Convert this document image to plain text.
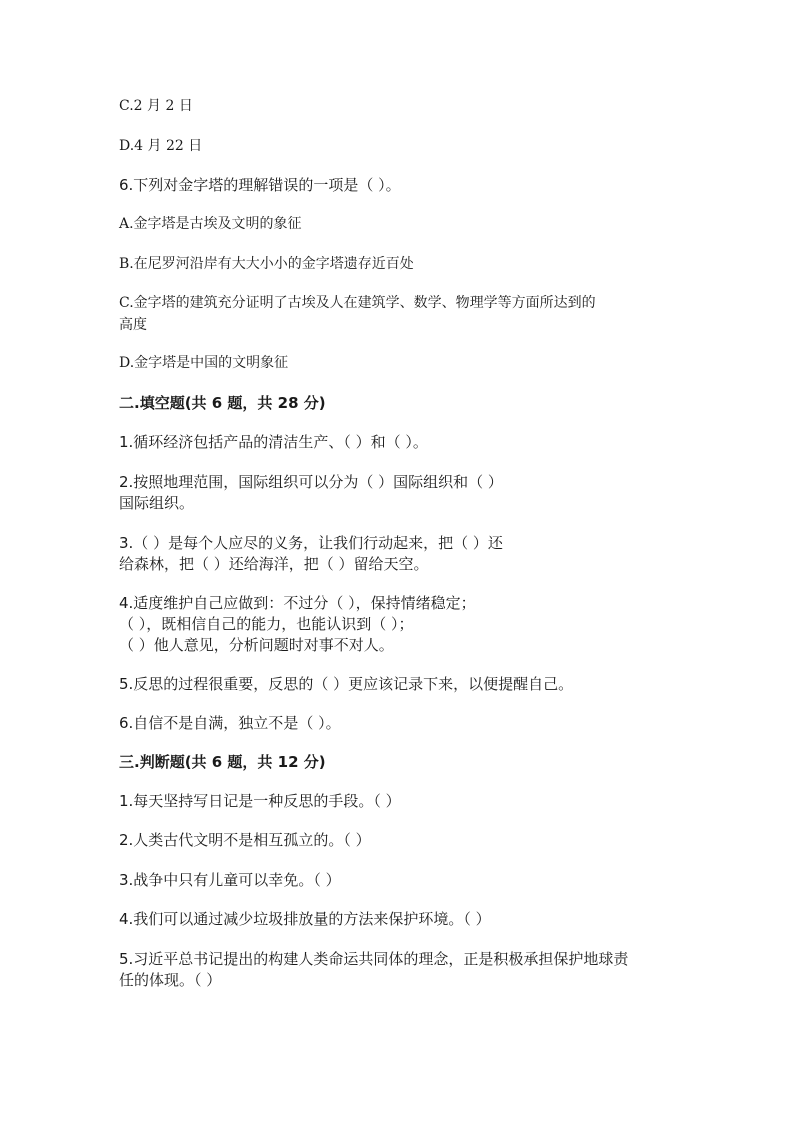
C.2 月 2 日
D.4 月 22 日
6.下列对金字塔的理解错误的一项是（ ）。
A.金字塔是古埃及文明的象征
B.在尼罗河沿岸有大大小小的金字塔遗存近百处
C.金字塔的建筑充分证明了古埃及人在建筑学、数学、物理学等方面所达到的
高度
D.金字塔是中国的文明象征
二.填空题(共 6 题，共 28 分)
1.循环经济包括产品的清洁生产、（ ）和（ ）。
2.按照地理范围，国际组织可以分为（ ）国际组织和（ ）
国际组织。
3.（ ）是每个人应尽的义务，让我们行动起来，把（ ）还
给森林，把（ ）还给海洋，把（ ）留给天空。
4.适度维护自己应做到：不过分（ ），保持情绪稳定；
（ ），既相信自己的能力，也能认识到（ ）；
（ ）他人意见，分析问题时对事不对人。
5.反思的过程很重要，反思的（ ）更应该记录下来，以便提醒自己。
6.自信不是自满，独立不是（ ）。
三.判断题(共 6 题，共 12 分)
1.每天坚持写日记是一种反思的手段。（ ）
2.人类古代文明不是相互孤立的。（ ）
3.战争中只有儿童可以幸免。（ ）
4.我们可以通过减少垃圾排放量的方法来保护环境。（ ）
5.习近平总书记提出的构建人类命运共同体的理念，正是积极承担保护地球责
任的体现。（ ）
